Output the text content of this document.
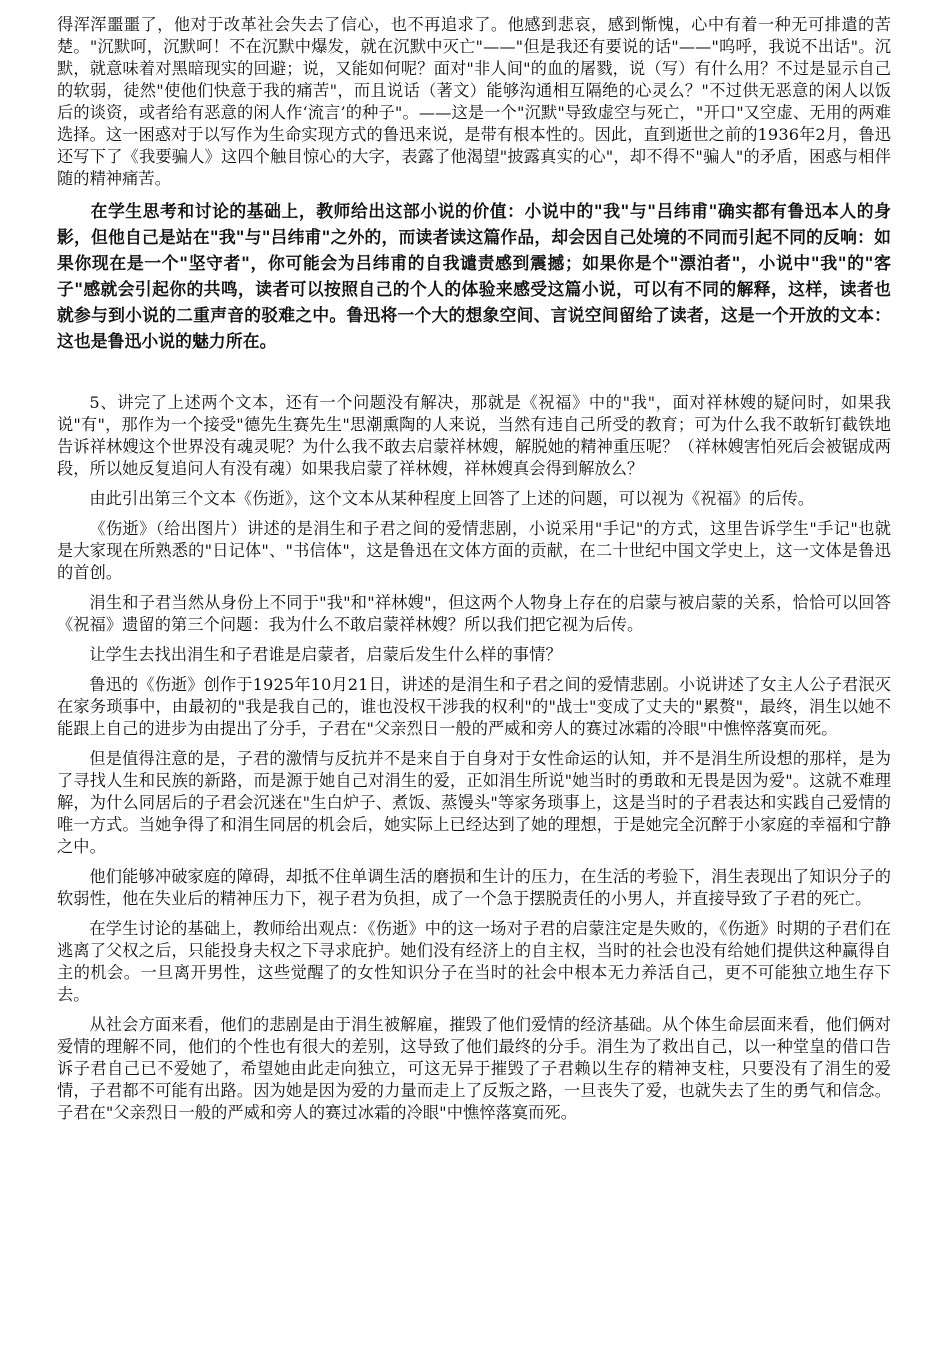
得浑浑噩噩了，他对于改革社会失去了信心，也不再追求了。他感到悲哀，感到惭愧，心中有着一种无可排遣的苦楚。"沉默呵，沉默呵！不在沉默中爆发，就在沉默中灭亡"——"但是我还有要说的话"——"呜呼，我说不出话"。沉默，就意味着对黑暗现实的回避；说，又能如何呢？面对"非人间"的血的屠戮，说（写）有什么用？不过是显示自己的软弱，徒然"使他们快意于我的痛苦"，而且说话（著文）能够沟通相互隔绝的心灵么？"不过供无恶意的闲人以饭后的谈资，或者给有恶意的闲人作‘流言’的种子"。——这是一个"沉默"导致虚空与死亡，"开口"又空虚、无用的两难选择。这一困惑对于以写作为生命实现方式的鲁迅来说，是带有根本性的。因此，直到逝世之前的1936年2月，鲁迅还写下了《我要骗人》这四个触目惊心的大字，表露了他渴望"披露真实的心"，却不得不"骗人"的矛盾，困惑与相伴随的精神痛苦。

在学生思考和讨论的基础上，教师给出这部小说的价值：小说中的"我"与"吕纬甫"确实都有鲁迅本人的身影，但他自己是站在"我"与"吕纬甫"之外的，而读者读这篇作品，却会因自己处境的不同而引起不同的反响：如果你现在是一个"坚守者"，你可能会为吕纬甫的自我谴责感到震撼；如果你是个"漂泊者"，小说中"我"的"客子"感就会引起你的共鸣，读者可以按照自己的个人的体验来感受这篇小说，可以有不同的解释，这样，读者也就参与到小说的二重声音的驳难之中。鲁迅将一个大的想象空间、言说空间留给了读者，这是一个开放的文本：这也是鲁迅小说的魅力所在。

5、讲完了上述两个文本，还有一个问题没有解决，那就是《祝福》中的"我"，面对祥林嫂的疑问时，如果我说"有"，那作为一个接受"德先生赛先生"思潮熏陶的人来说，当然有违自己所受的教育；可为什么我不敢斩钉截铁地告诉祥林嫂这个世界没有魂灵呢？为什么我不敢去启蒙祥林嫂，解脱她的精神重压呢？（祥林嫂害怕死后会被锯成两段，所以她反复追问人有没有魂）如果我启蒙了祥林嫂，祥林嫂真会得到解放么？

由此引出第三个文本《伤逝》，这个文本从某种程度上回答了上述的问题，可以视为《祝福》的后传。

《伤逝》（给出图片）讲述的是涓生和子君之间的爱情悲剧，小说采用"手记"的方式，这里告诉学生"手记"也就是大家现在所熟悉的"日记体"、"书信体"，这是鲁迅在文体方面的贡献，在二十世纪中国文学史上，这一文体是鲁迅的首创。

涓生和子君当然从身份上不同于"我"和"祥林嫂"，但这两个人物身上存在的启蒙与被启蒙的关系，恰恰可以回答《祝福》遗留的第三个问题：我为什么不敢启蒙祥林嫂？所以我们把它视为后传。

让学生去找出涓生和子君谁是启蒙者，启蒙后发生什么样的事情？

鲁迅的《伤逝》创作于1925年10月21日，讲述的是涓生和子君之间的爱情悲剧。小说讲述了女主人公子君泯灭在家务琐事中，由最初的"我是我自己的，谁也没权干涉我的权利"的"战士"变成了丈夫的"累赘"，最终，涓生以她不能跟上自己的进步为由提出了分手，子君在"父亲烈日一般的严威和旁人的赛过冰霜的冷眼"中憔悴落寞而死。

但是值得注意的是，子君的激情与反抗并不是来自于自身对于女性命运的认知，并不是涓生所设想的那样，是为了寻找人生和民族的新路，而是源于她自己对涓生的爱，正如涓生所说"她当时的勇敢和无畏是因为爱"。这就不难理解，为什么同居后的子君会沉迷在"生白炉子、煮饭、蒸馒头"等家务琐事上，这是当时的子君表达和实践自己爱情的唯一方式。当她争得了和涓生同居的机会后，她实际上已经达到了她的理想，于是她完全沉醉于小家庭的幸福和宁静之中。

他们能够冲破家庭的障碍，却抵不住单调生活的磨损和生计的压力，在生活的考验下，涓生表现出了知识分子的软弱性，他在失业后的精神压力下，视子君为负担，成了一个急于摆脱责任的小男人，并直接导致了子君的死亡。

在学生讨论的基础上，教师给出观点：《伤逝》中的这一场对子君的启蒙注定是失败的，《伤逝》时期的子君们在逃离了父权之后，只能投身夫权之下寻求庇护。她们没有经济上的自主权，当时的社会也没有给她们提供这种赢得自主的机会。一旦离开男性，这些觉醒了的女性知识分子在当时的社会中根本无力养活自己，更不可能独立地生存下去。

从社会方面来看，他们的悲剧是由于涓生被解雇，摧毁了他们爱情的经济基础。从个体生命层面来看，他们俩对爱情的理解不同，他们的个性也有很大的差别，这导致了他们最终的分手。涓生为了救出自己，以一种堂皇的借口告诉子君自己已不爱她了，希望她由此走向独立，可这无异于摧毁了子君赖以生存的精神支柱，只要没有了涓生的爱情，子君都不可能有出路。因为她是因为爱的力量而走上了反叛之路，一旦丧失了爱，也就失去了生的勇气和信念。子君在"父亲烈日一般的严威和旁人的赛过冰霜的冷眼"中憔悴落寞而死。
